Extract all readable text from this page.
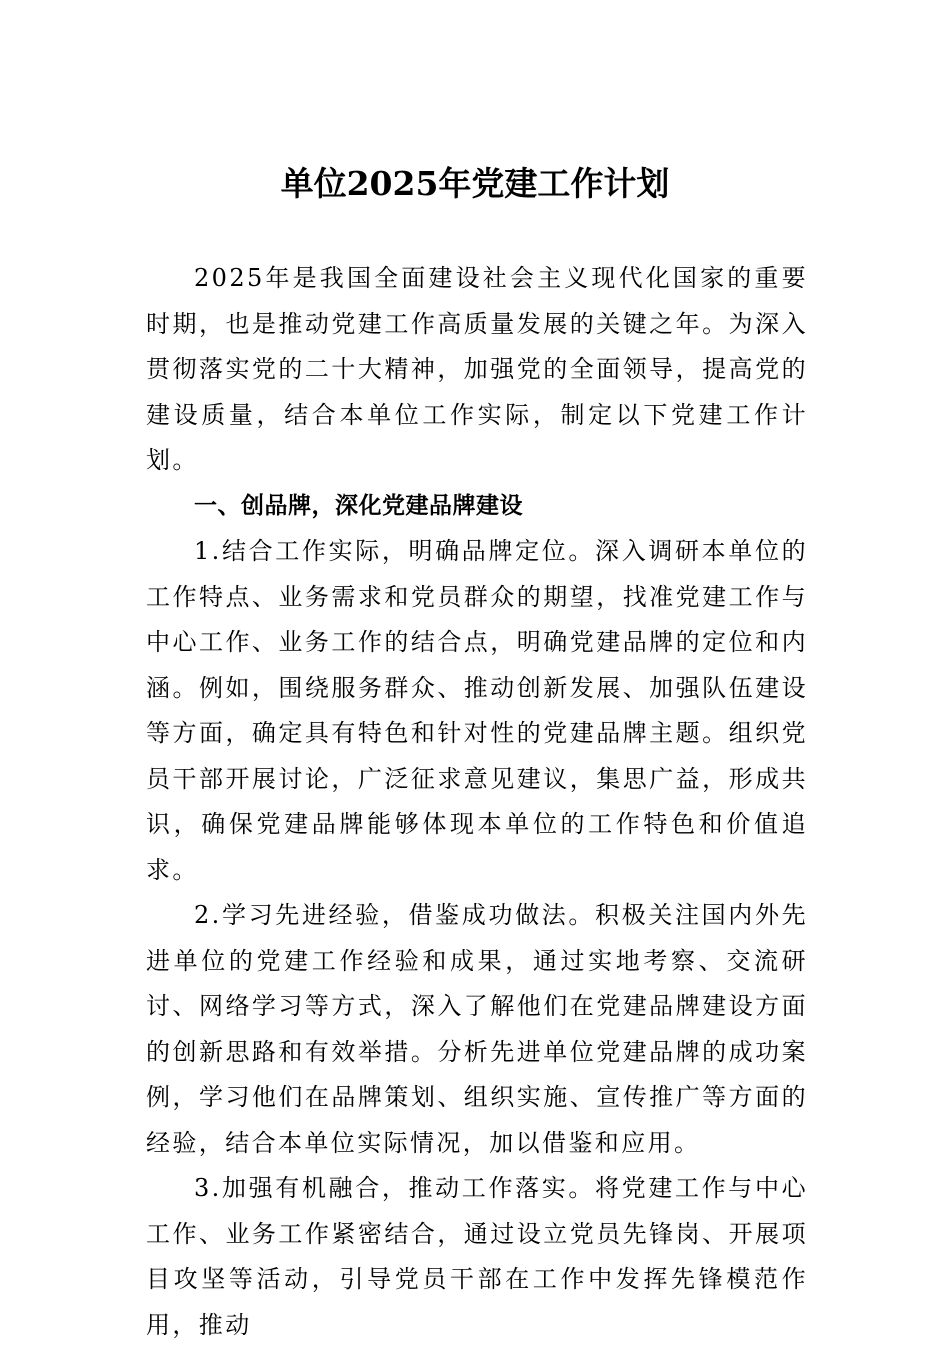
单位2025年党建工作计划

2025年是我国全面建设社会主义现代化国家的重要时期，也是推动党建工作高质量发展的关键之年。为深入贯彻落实党的二十大精神，加强党的全面领导，提高党的建设质量，结合本单位工作实际，制定以下党建工作计划。

一、创品牌，深化党建品牌建设

1.结合工作实际，明确品牌定位。深入调研本单位的工作特点、业务需求和党员群众的期望，找准党建工作与中心工作、业务工作的结合点，明确党建品牌的定位和内涵。例如，围绕服务群众、推动创新发展、加强队伍建设等方面，确定具有特色和针对性的党建品牌主题。组织党员干部开展讨论，广泛征求意见建议，集思广益，形成共识，确保党建品牌能够体现本单位的工作特色和价值追求。

2.学习先进经验，借鉴成功做法。积极关注国内外先进单位的党建工作经验和成果，通过实地考察、交流研讨、网络学习等方式，深入了解他们在党建品牌建设方面的创新思路和有效举措。分析先进单位党建品牌的成功案例，学习他们在品牌策划、组织实施、宣传推广等方面的经验，结合本单位实际情况，加以借鉴和应用。

3.加强有机融合，推动工作落实。将党建工作与中心工作、业务工作紧密结合，通过设立党员先锋岗、开展项目攻坚等活动，引导党员干部在工作中发挥先锋模范作用，推动
